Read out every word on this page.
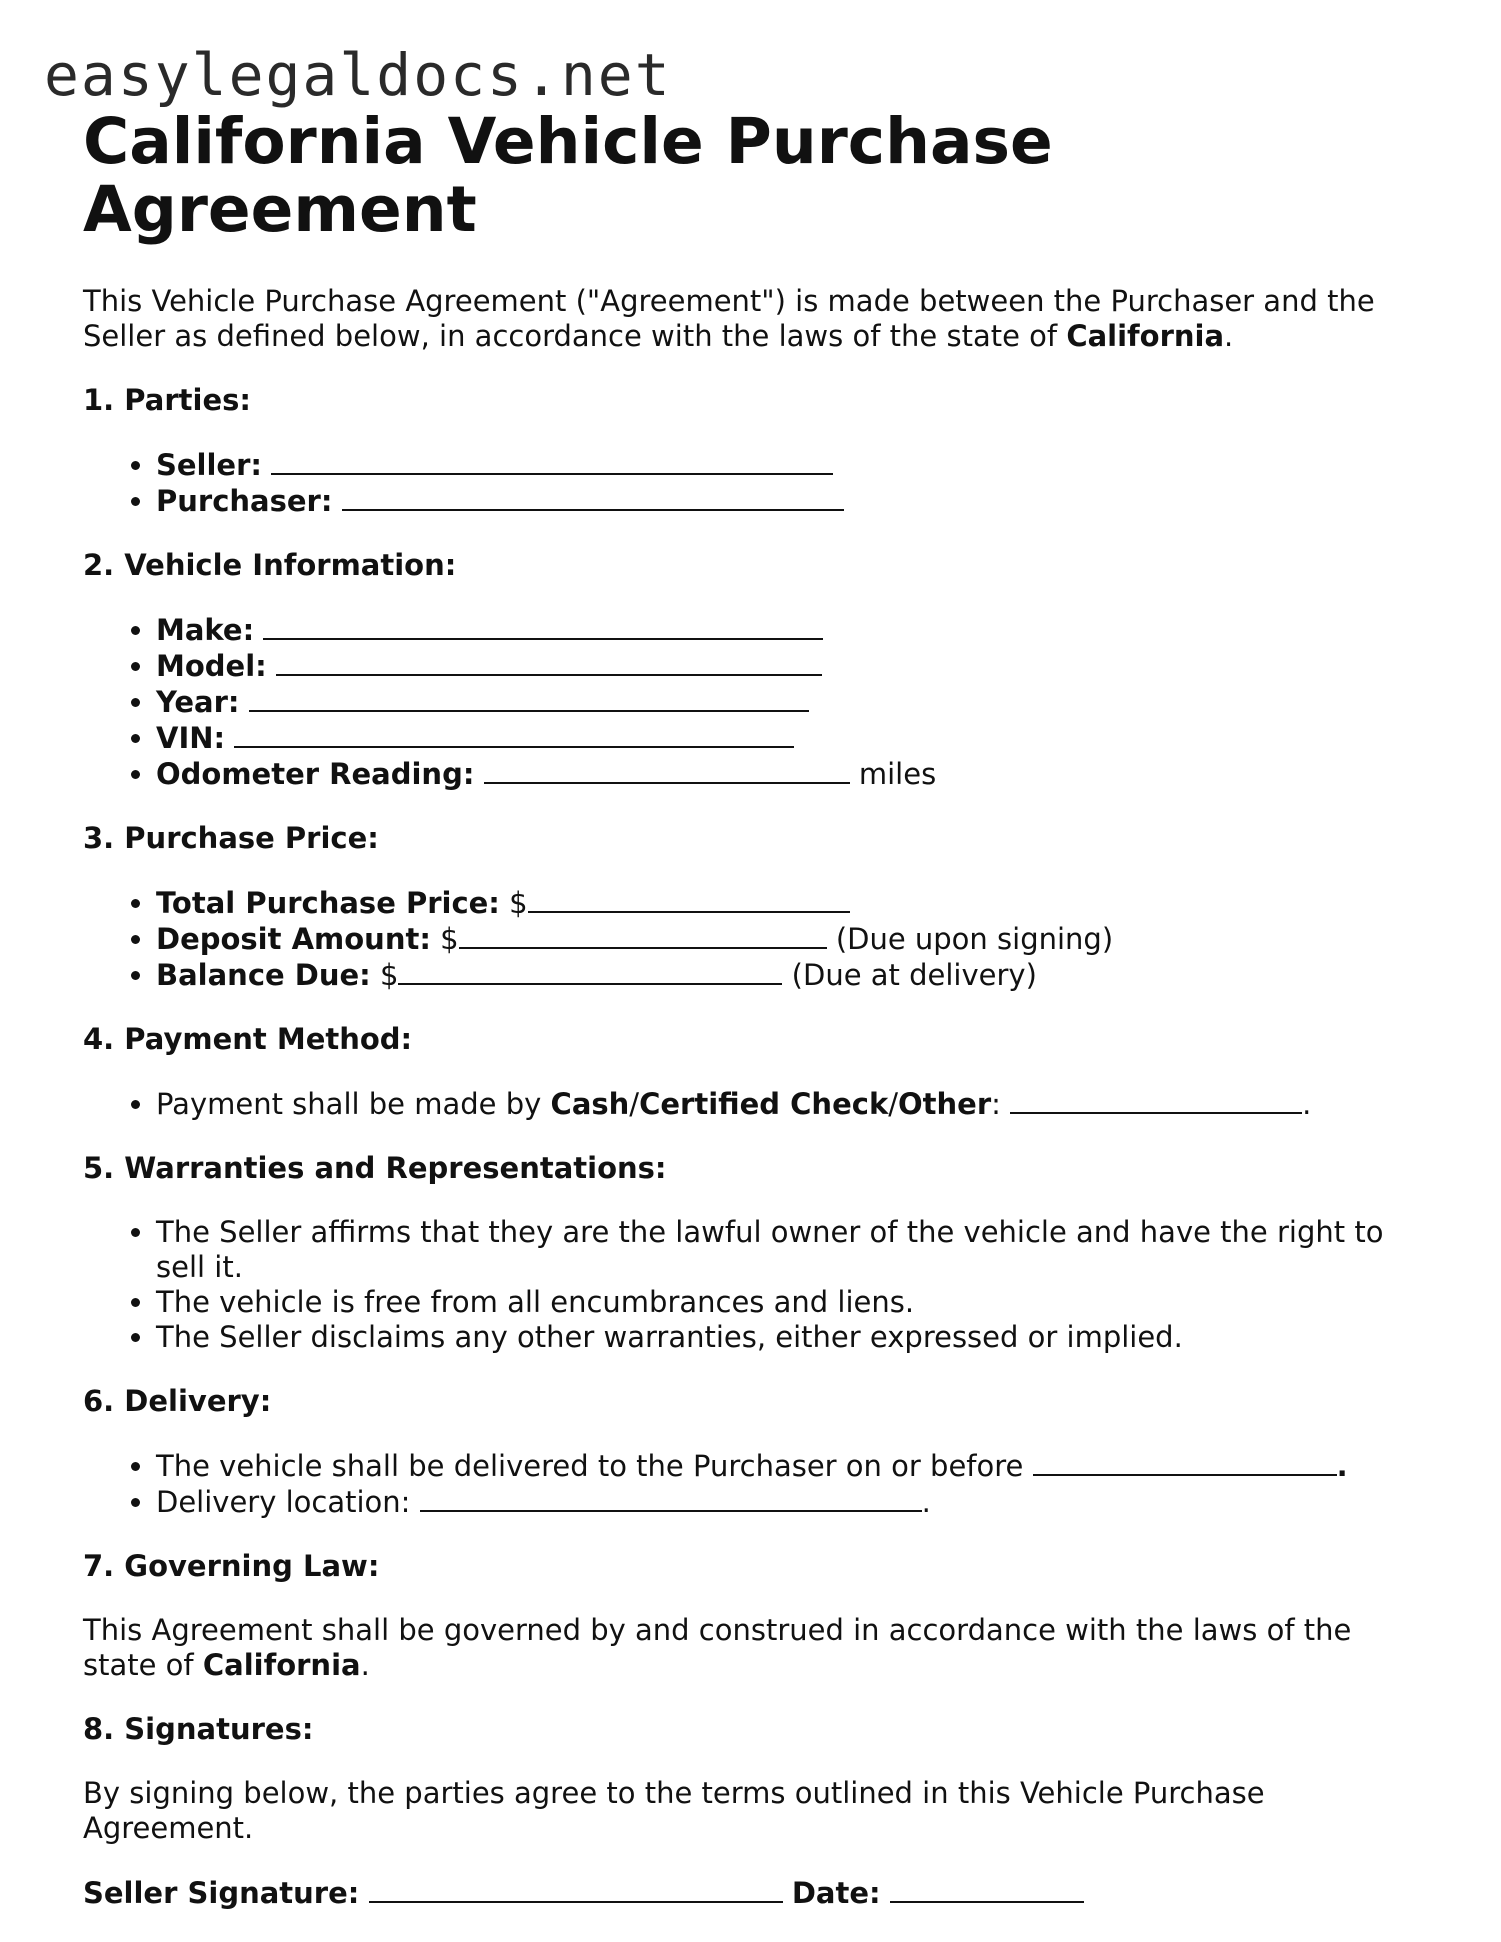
easylegaldocs.net
California Vehicle Purchase Agreement

This Vehicle Purchase Agreement ("Agreement") is made between the Purchaser and the Seller as defined below, in accordance with the laws of the state of California.

1. Parties:
• Seller:
• Purchaser:
2. Vehicle Information:
• Make:
• Model:
• Year:
• VIN:
• Odometer Reading:	miles
3. Purchase Price:
• Total Purchase Price: $
• Deposit Amount: $	(Due upon signing)
• Balance Due: $	(Due at delivery)
4. Payment Method:
• Payment shall be made by Cash/Certified Check/Other:	.
5. Warranties and Representations:
• The Seller affirms that they are the lawful owner of the vehicle and have the right to sell it.
• The vehicle is free from all encumbrances and liens.
• The Seller disclaims any other warranties, either expressed or implied.
6. Delivery:
• The vehicle shall be delivered to the Purchaser on or before	.
• Delivery location:	.
7. Governing Law:

This Agreement shall be governed by and construed in accordance with the laws of the state of California.

8. Signatures:

By signing below, the parties agree to the terms outlined in this Vehicle Purchase Agreement.

Seller Signature:	Date:
